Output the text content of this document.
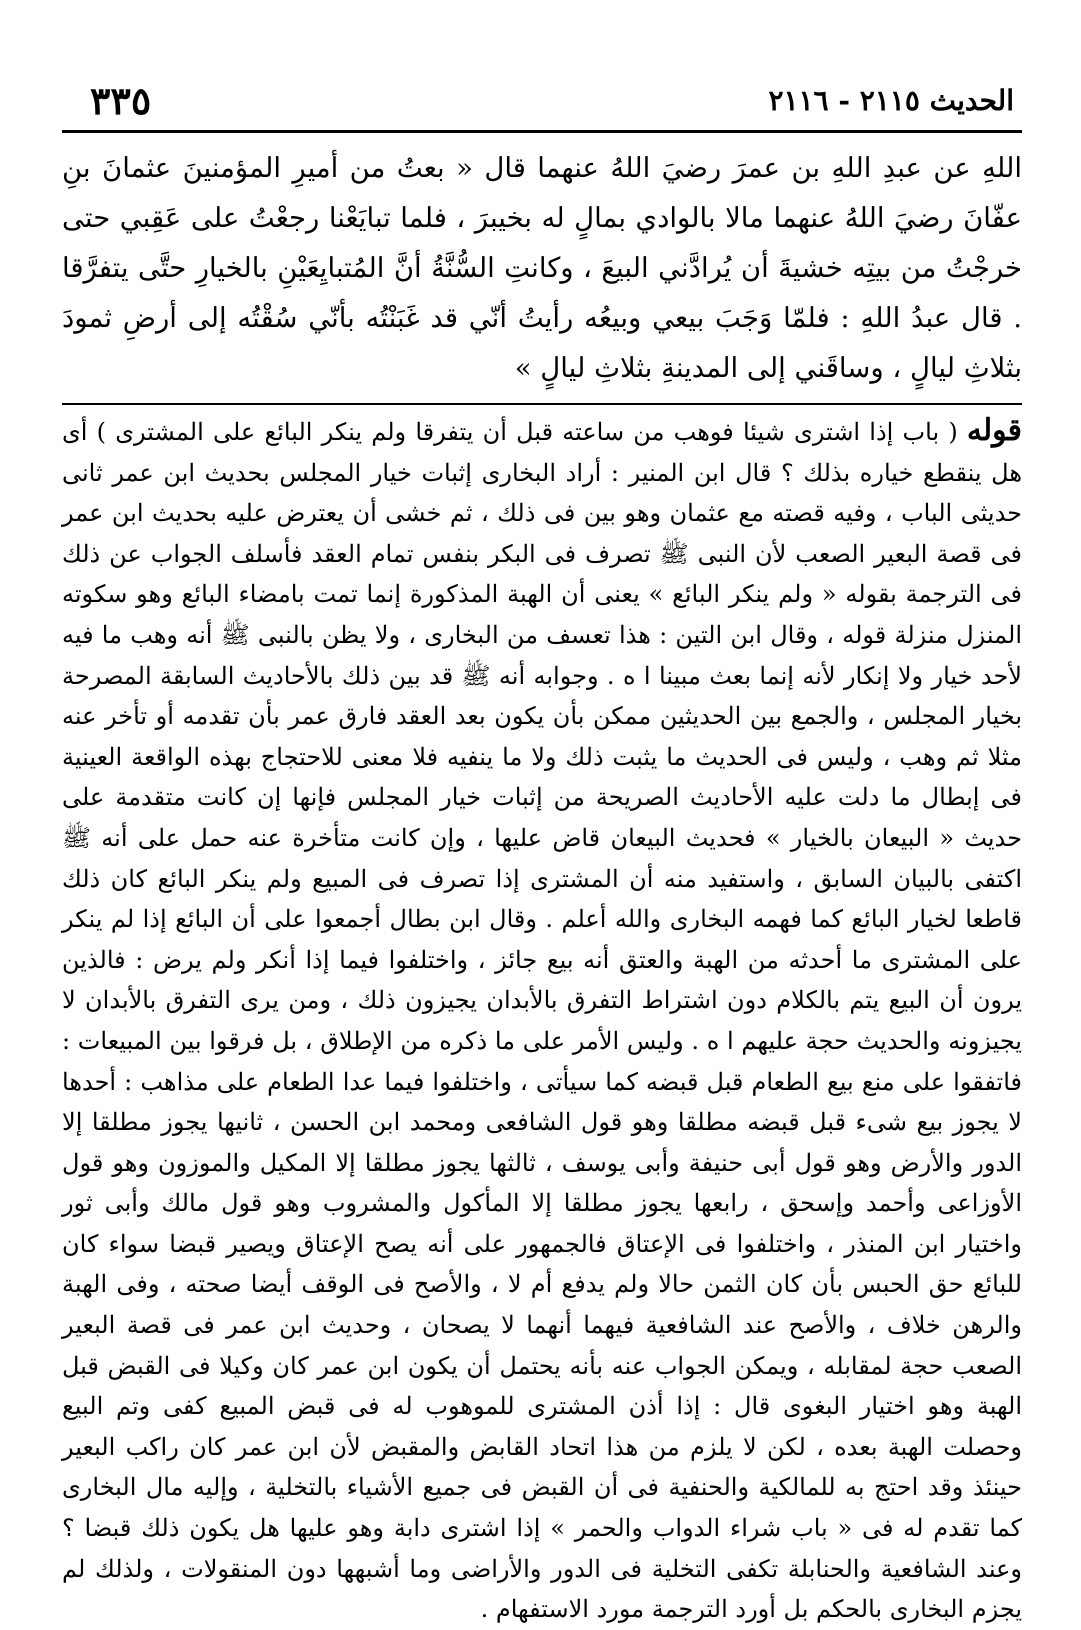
الحديث ٢١١٥ - ٢١١٦
٣٣٥

اللهِ عن عبدِ اللهِ بن عمرَ رضيَ اللهُ عنهما قال « بعتُ من أميرِ المؤمنينَ عثمانَ بنِ عفّانَ رضيَ اللهُ عنهما مالا بالوادي بمالٍ له بخيبرَ ، فلما تبايَعْنا رجعْتُ على عَقِبي حتى خرجْتُ من بيتِه خشيةَ أن يُرادَّني البيعَ ، وكانتِ السُّنَّةُ أنَّ المُتبايِعَيْنِ بالخيارِ حتَّى يتفرَّقا . قال عبدُ اللهِ : فلمّا وَجَبَ بيعي وبيعُه رأيتُ أنّي قد غَبَنْتُه بأنّي سُقْتُه إلى أرضِ ثمودَ بثلاثِ ليالٍ ، وساقَني إلى المدينةِ بثلاثِ ليالٍ »

قوله ( باب إذا اشترى شيئا فوهب من ساعته قبل أن يتفرقا ولم ينكر البائع على المشترى ) أى هل ينقطع خياره بذلك ؟ قال ابن المنير : أراد البخارى إثبات خيار المجلس بحديث ابن عمر ثانى حديثى الباب ، وفيه قصته مع عثمان وهو بين فى ذلك ، ثم خشى أن يعترض عليه بحديث ابن عمر فى قصة البعير الصعب لأن النبى ﷺ تصرف فى البكر بنفس تمام العقد فأسلف الجواب عن ذلك فى الترجمة بقوله « ولم ينكر البائع » يعنى أن الهبة المذكورة إنما تمت بامضاء البائع وهو سكوته المنزل منزلة قوله ، وقال ابن التين : هذا تعسف من البخارى ، ولا يظن بالنبى ﷺ أنه وهب ما فيه لأحد خيار ولا إنكار لأنه إنما بعث مبينا ا ه . وجوابه أنه ﷺ قد بين ذلك بالأحاديث السابقة المصرحة بخيار المجلس ، والجمع بين الحديثين ممكن بأن يكون بعد العقد فارق عمر بأن تقدمه أو تأخر عنه مثلا ثم وهب ، وليس فى الحديث ما يثبت ذلك ولا ما ينفيه فلا معنى للاحتجاج بهذه الواقعة العينية فى إبطال ما دلت عليه الأحاديث الصريحة من إثبات خيار المجلس فإنها إن كانت متقدمة على حديث « البيعان بالخيار » فحديث البيعان قاض عليها ، وإن كانت متأخرة عنه حمل على أنه ﷺ اكتفى بالبيان السابق ، واستفيد منه أن المشترى إذا تصرف فى المبيع ولم ينكر البائع كان ذلك قاطعا لخيار البائع كما فهمه البخارى والله أعلم . وقال ابن بطال أجمعوا على أن البائع إذا لم ينكر على المشترى ما أحدثه من الهبة والعتق أنه بيع جائز ، واختلفوا فيما إذا أنكر ولم يرض : فالذين يرون أن البيع يتم بالكلام دون اشتراط التفرق بالأبدان يجيزون ذلك ، ومن يرى التفرق بالأبدان لا يجيزونه والحديث حجة عليهم ا ه . وليس الأمر على ما ذكره من الإطلاق ، بل فرقوا بين المبيعات : فاتفقوا على منع بيع الطعام قبل قبضه كما سيأتى ، واختلفوا فيما عدا الطعام على مذاهب : أحدها لا يجوز بيع شىء قبل قبضه مطلقا وهو قول الشافعى ومحمد ابن الحسن ، ثانيها يجوز مطلقا إلا الدور والأرض وهو قول أبى حنيفة وأبى يوسف ، ثالثها يجوز مطلقا إلا المكيل والموزون وهو قول الأوزاعى وأحمد وإسحق ، رابعها يجوز مطلقا إلا المأكول والمشروب وهو قول مالك وأبى ثور واختيار ابن المنذر ، واختلفوا فى الإعتاق فالجمهور على أنه يصح الإعتاق ويصير قبضا سواء كان للبائع حق الحبس بأن كان الثمن حالا ولم يدفع أم لا ، والأصح فى الوقف أيضا صحته ، وفى الهبة والرهن خلاف ، والأصح عند الشافعية فيهما أنهما لا يصحان ، وحديث ابن عمر فى قصة البعير الصعب حجة لمقابله ، ويمكن الجواب عنه بأنه يحتمل أن يكون ابن عمر كان وكيلا فى القبض قبل الهبة وهو اختيار البغوى قال : إذا أذن المشترى للموهوب له فى قبض المبيع كفى وتم البيع وحصلت الهبة بعده ، لكن لا يلزم من هذا اتحاد القابض والمقبض لأن ابن عمر كان راكب البعير حينئذ وقد احتج به للمالكية والحنفية فى أن القبض فى جميع الأشياء بالتخلية ، وإليه مال البخارى كما تقدم له فى « باب شراء الدواب والحمر » إذا اشترى دابة وهو عليها هل يكون ذلك قبضا ؟ وعند الشافعية والحنابلة تكفى التخلية فى الدور والأراضى وما أشبهها دون المنقولات ، ولذلك لم يجزم البخارى بالحكم بل أورد الترجمة مورد الاستفهام .
